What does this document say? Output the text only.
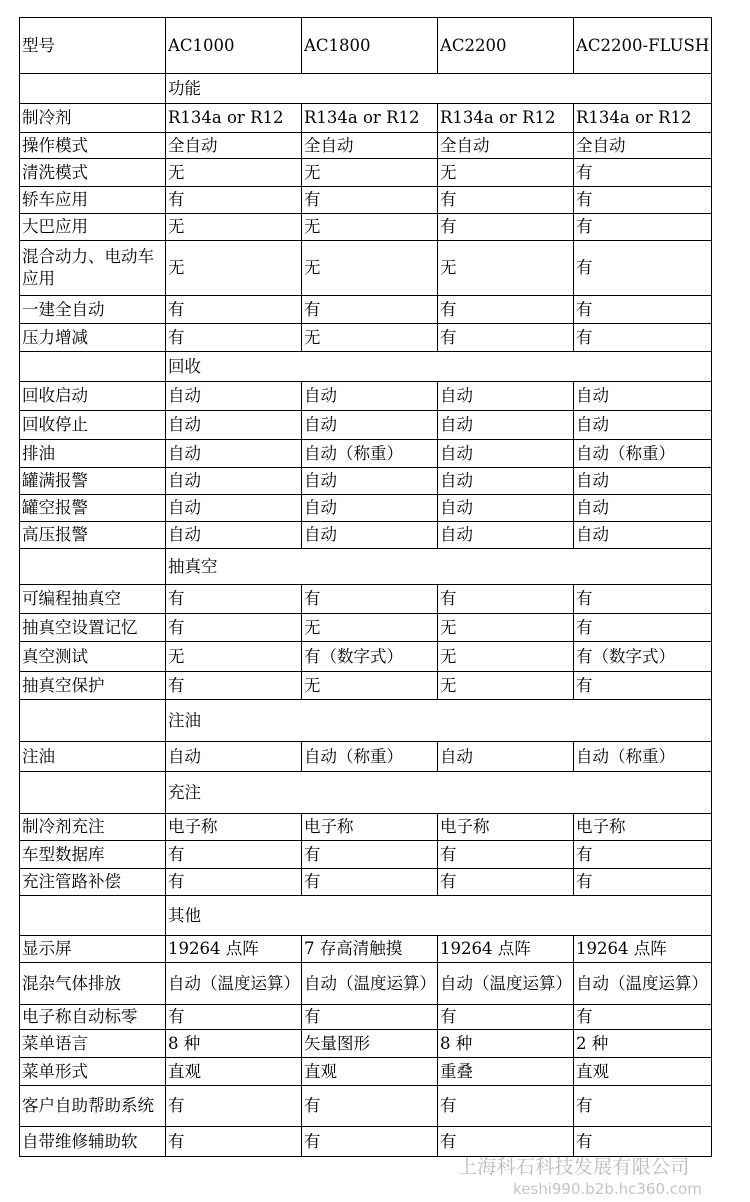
型号	AC1000	AC1800	AC2200	AC2200-FLUSH
	功能			
制冷剂	R134a or R12	R134a or R12	R134a or R12	R134a or R12
操作模式	全自动	全自动	全自动	全自动
清洗模式	无	无	无	有
轿车应用	有	有	有	有
大巴应用	无	无	有	有
混合动力、电动车应用	无	无	无	有
一建全自动	有	有	有	有
压力增减	有	无	有	有
	回收			
回收启动	自动	自动	自动	自动
回收停止	自动	自动	自动	自动
排油	自动	自动（称重）	自动	自动（称重）
罐满报警	自动	自动	自动	自动
罐空报警	自动	自动	自动	自动
高压报警	自动	自动	自动	自动
	抽真空			
可编程抽真空	有	有	有	有
抽真空设置记忆	有	无	无	有
真空测试	无	有（数字式）	无	有（数字式）
抽真空保护	有	无	无	有
	注油			
注油	自动	自动（称重）	自动	自动（称重）
	充注			
制冷剂充注	电子称	电子称	电子称	电子称
车型数据库	有	有	有	有
充注管路补偿	有	有	有	有
	其他			
显示屏	19264 点阵	7 存高清触摸	19264 点阵	19264 点阵
混杂气体排放	自动（温度运算）	自动（温度运算）	自动（温度运算）	自动（温度运算）
电子称自动标零	有	有	有	有
菜单语言	8 种	矢量图形	8 种	2 种
菜单形式	直观	直观	重叠	直观
客户自助帮助系统	有	有	有	有
自带维修辅助软	有	有	有	有
上海科石科技发展有限公司
keshi990.b2b.hc360.com
